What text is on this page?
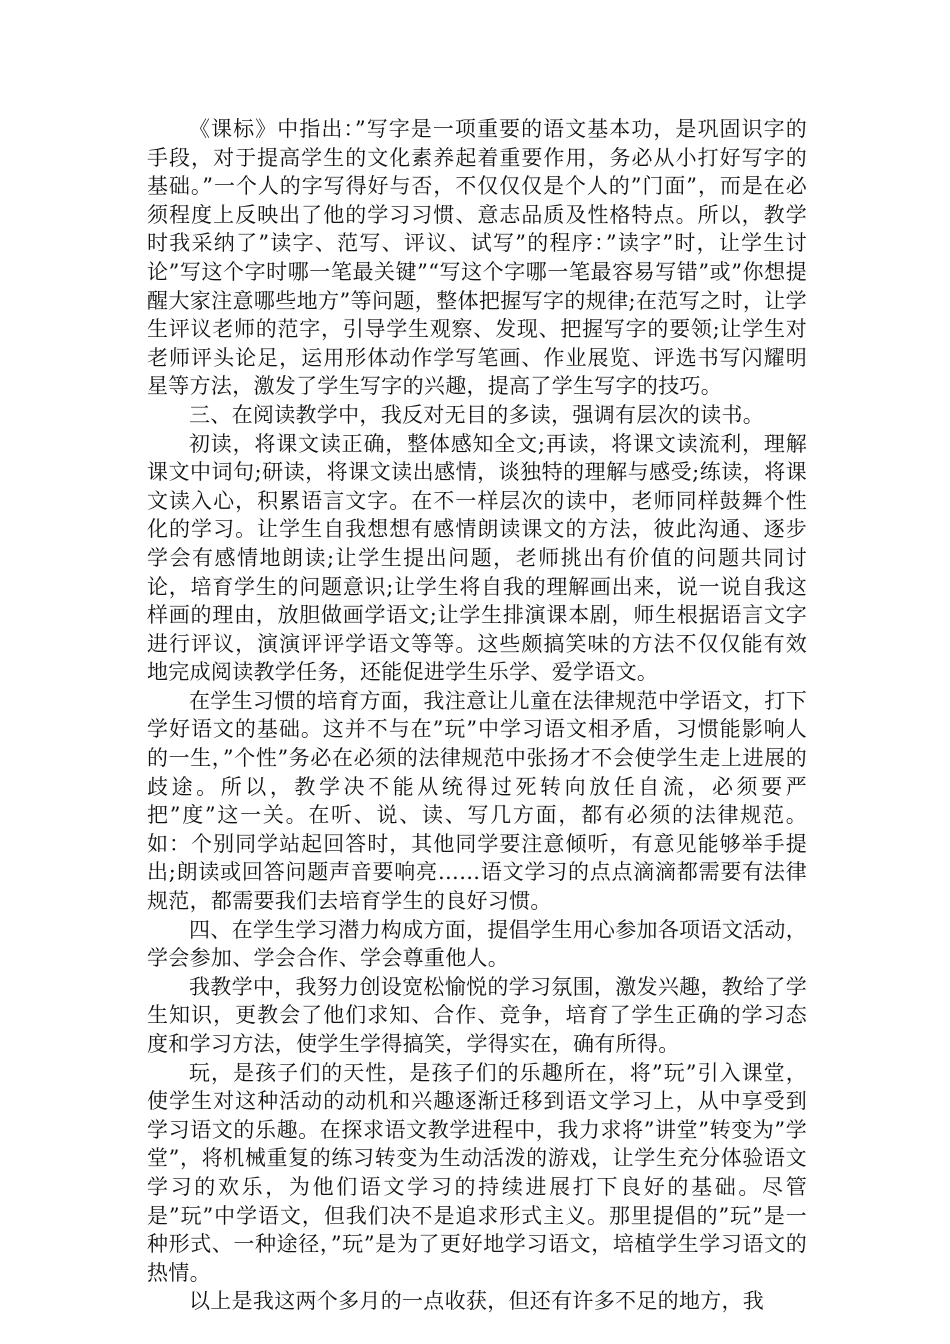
《课标》中指出：”写字是一项重要的语文基本功，是巩固识字的手段，对于提高学生的文化素养起着重要作用，务必从小打好写字的基础。”一个人的字写得好与否，不仅仅仅是个人的”门面”，而是在必须程度上反映出了他的学习习惯、意志品质及性格特点。所以，教学时我采纳了”读字、范写、评议、试写”的程序：”读字”时，让学生讨论”写这个字时哪一笔最关键”“写这个字哪一笔最容易写错”或”你想提醒大家注意哪些地方”等问题，整体把握写字的规律;在范写之时，让学生评议老师的范字，引导学生观察、发现、把握写字的要领;让学生对老师评头论足，运用形体动作学写笔画、作业展览、评选书写闪耀明星等方法，激发了学生写字的兴趣，提高了学生写字的技巧。

三、在阅读教学中，我反对无目的多读，强调有层次的读书。

初读，将课文读正确，整体感知全文;再读，将课文读流利，理解课文中词句;研读，将课文读出感情，谈独特的理解与感受;练读，将课文读入心，积累语言文字。在不一样层次的读中，老师同样鼓舞个性化的学习。让学生自我想想有感情朗读课文的方法，彼此沟通、逐步学会有感情地朗读;让学生提出问题，老师挑出有价值的问题共同讨论，培育学生的问题意识;让学生将自我的理解画出来，说一说自我这样画的理由，放胆做画学语文;让学生排演课本剧，师生根据语言文字进行评议，演演评评学语文等等。这些颇搞笑味的方法不仅仅能有效地完成阅读教学任务，还能促进学生乐学、爱学语文。

在学生习惯的培育方面，我注意让儿童在法律规范中学语文，打下学好语文的基础。这并不与在”玩”中学习语文相矛盾，习惯能影响人的一生，”个性”务必在必须的法律规范中张扬才不会使学生走上进展的歧途。所以，教学决不能从统得过死转向放任自流，必须要严把”度”这一关。在听、说、读、写几方面，都有必须的法律规范。如：个别同学站起回答时，其他同学要注意倾听，有意见能够举手提出;朗读或回答问题声音要响亮……语文学习的点点滴滴都需要有法律规范，都需要我们去培育学生的良好习惯。

四、在学生学习潜力构成方面，提倡学生用心参加各项语文活动，学会参加、学会合作、学会尊重他人。

我教学中，我努力创设宽松愉悦的学习氛围，激发兴趣，教给了学生知识，更教会了他们求知、合作、竞争，培育了学生正确的学习态度和学习方法，使学生学得搞笑，学得实在，确有所得。

玩，是孩子们的天性，是孩子们的乐趣所在，将”玩”引入课堂，使学生对这种活动的动机和兴趣逐渐迁移到语文学习上，从中享受到学习语文的乐趣。在探求语文教学进程中，我力求将”讲堂”转变为”学堂”，将机械重复的练习转变为生动活泼的游戏，让学生充分体验语文学习的欢乐，为他们语文学习的持续进展打下良好的基础。尽管是”玩”中学语文，但我们决不是追求形式主义。那里提倡的”玩”是一种形式、一种途径，”玩”是为了更好地学习语文，培植学生学习语文的热情。

以上是我这两个多月的一点收获，但还有许多不足的地方，我
